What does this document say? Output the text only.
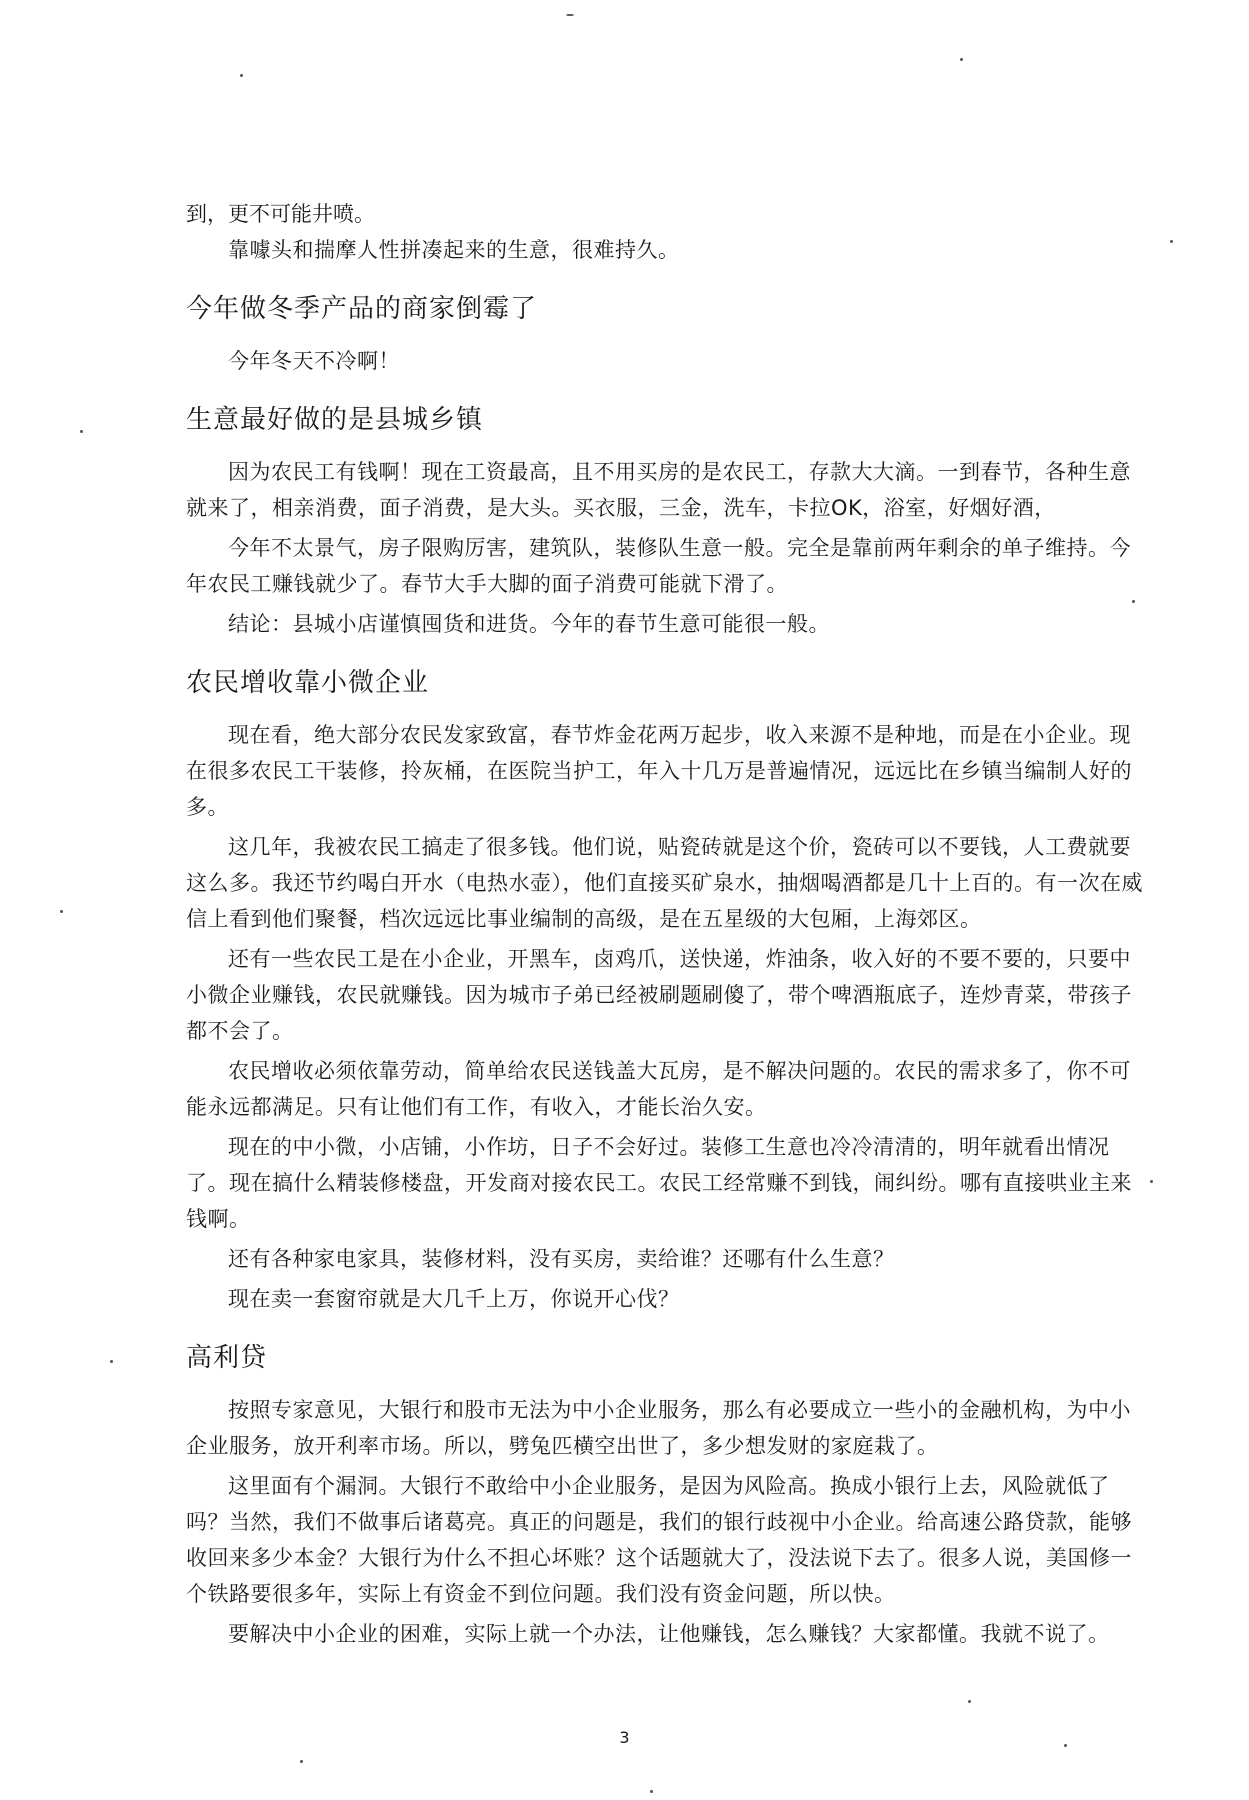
到，更不可能井喷。

靠噱头和揣摩人性拼凑起来的生意，很难持久。

今年做冬季产品的商家倒霉了

今年冬天不冷啊！

生意最好做的是县城乡镇

因为农民工有钱啊！现在工资最高，且不用买房的是农民工，存款大大滴。一到春节，各种生意就来了，相亲消费，面子消费，是大头。买衣服，三金，洗车，卡拉OK，浴室，好烟好酒，

今年不太景气，房子限购厉害，建筑队，装修队生意一般。完全是靠前两年剩余的单子维持。今年农民工赚钱就少了。春节大手大脚的面子消费可能就下滑了。

结论：县城小店谨慎囤货和进货。今年的春节生意可能很一般。

农民增收靠小微企业

现在看，绝大部分农民发家致富，春节炸金花两万起步，收入来源不是种地，而是在小企业。现在很多农民工干装修，拎灰桶，在医院当护工，年入十几万是普遍情况，远远比在乡镇当编制人好的多。

这几年，我被农民工搞走了很多钱。他们说，贴瓷砖就是这个价，瓷砖可以不要钱，人工费就要这么多。我还节约喝白开水（电热水壶），他们直接买矿泉水，抽烟喝酒都是几十上百的。有一次在威信上看到他们聚餐，档次远远比事业编制的高级，是在五星级的大包厢，上海郊区。

还有一些农民工是在小企业，开黑车，卤鸡爪，送快递，炸油条，收入好的不要不要的，只要中小微企业赚钱，农民就赚钱。因为城市子弟已经被刷题刷傻了，带个啤酒瓶底子，连炒青菜，带孩子都不会了。

农民增收必须依靠劳动，简单给农民送钱盖大瓦房，是不解决问题的。农民的需求多了，你不可能永远都满足。只有让他们有工作，有收入，才能长治久安。

现在的中小微，小店铺，小作坊，日子不会好过。装修工生意也冷冷清清的，明年就看出情况了。现在搞什么精装修楼盘，开发商对接农民工。农民工经常赚不到钱，闹纠纷。哪有直接哄业主来钱啊。

还有各种家电家具，装修材料，没有买房，卖给谁？还哪有什么生意？

现在卖一套窗帘就是大几千上万，你说开心伐？

高利贷

按照专家意见，大银行和股市无法为中小企业服务，那么有必要成立一些小的金融机构，为中小企业服务，放开利率市场。所以，劈兔匹横空出世了，多少想发财的家庭栽了。

这里面有个漏洞。大银行不敢给中小企业服务，是因为风险高。换成小银行上去，风险就低了吗？当然，我们不做事后诸葛亮。真正的问题是，我们的银行歧视中小企业。给高速公路贷款，能够收回来多少本金？大银行为什么不担心坏账？这个话题就大了，没法说下去了。很多人说，美国修一个铁路要很多年，实际上有资金不到位问题。我们没有资金问题，所以快。

要解决中小企业的困难，实际上就一个办法，让他赚钱，怎么赚钱？大家都懂。我就不说了。

3
